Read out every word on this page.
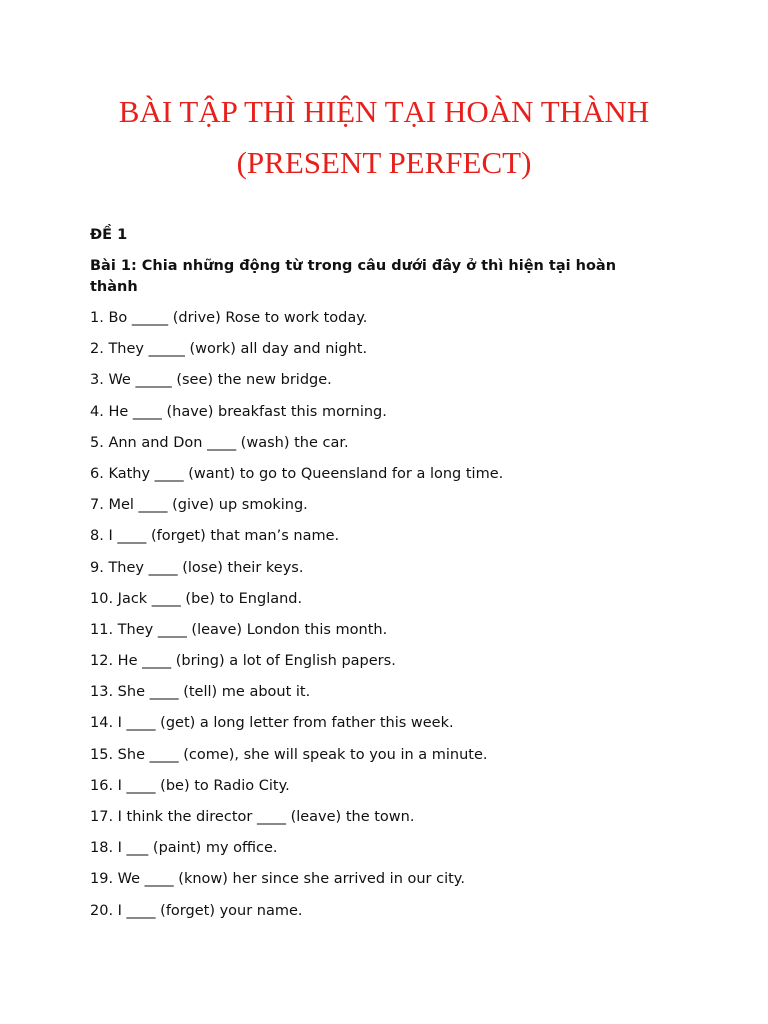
BÀI TẬP THÌ HIỆN TẠI HOÀN THÀNH
(PRESENT PERFECT)
ĐỀ 1
Bài 1: Chia những động từ trong câu dưới đây ở thì hiện tại hoàn thành
1. Bo _____ (drive) Rose to work today.
2. They _____ (work) all day and night.
3. We _____ (see) the new bridge.
4. He ____ (have) breakfast this morning.
5. Ann and Don ____ (wash) the car.
6. Kathy ____ (want) to go to Queensland for a long time.
7. Mel ____ (give) up smoking.
8. I ____ (forget) that man’s name.
9. They ____ (lose) their keys.
10. Jack ____ (be) to England.
11. They ____ (leave) London this month.
12. He ____ (bring) a lot of English papers.
13. She ____ (tell) me about it.
14. I ____ (get) a long letter from father this week.
15. She ____ (come), she will speak to you in a minute.
16. I ____ (be) to Radio City.
17. I think the director ____ (leave) the town.
18. I ___ (paint) my office.
19. We ____ (know) her since she arrived in our city.
20. I ____ (forget) your name.
